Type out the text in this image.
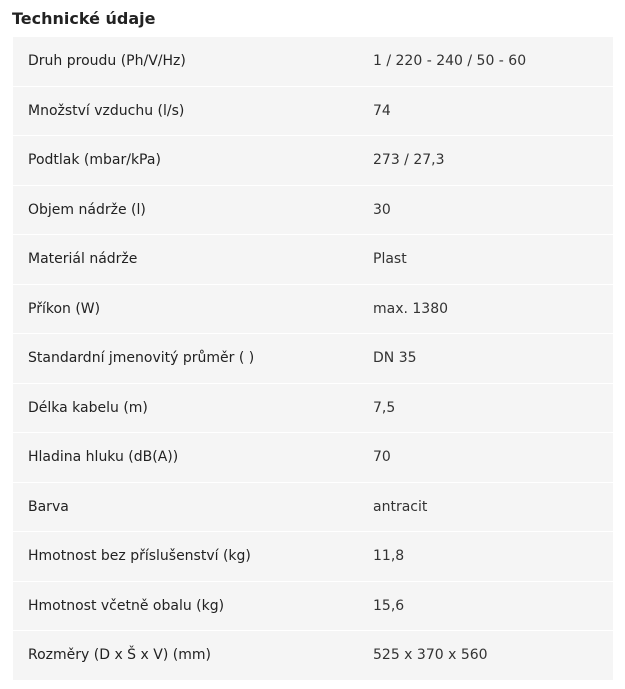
Technické údaje
Druh proudu (Ph/V/Hz)	1 / 220 - 240 / 50 - 60
Množství vzduchu (l/s)	74
Podtlak (mbar/kPa)	273 / 27,3
Objem nádrže (l)	30
Materiál nádrže	Plast
Příkon (W)	max. 1380
Standardní jmenovitý průměr ( )	DN 35
Délka kabelu (m)	7,5
Hladina hluku (dB(A))	70
Barva	antracit
Hmotnost bez příslušenství (kg)	11,8
Hmotnost včetně obalu (kg)	15,6
Rozměry (D x Š x V) (mm)	525 x 370 x 560
